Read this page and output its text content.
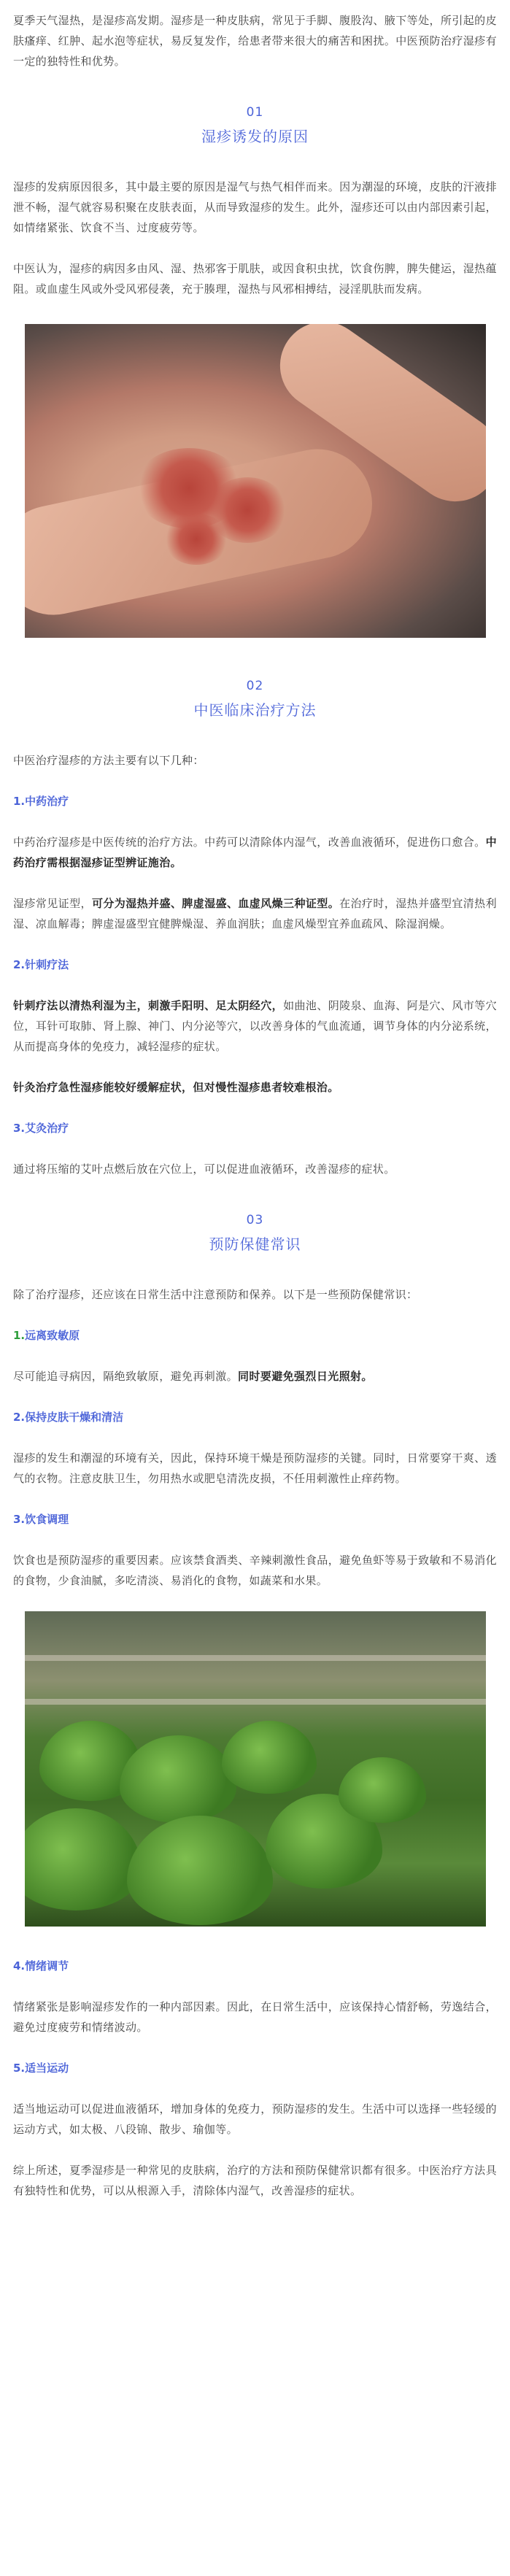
夏季天气湿热，是湿疹高发期。湿疹是一种皮肤病，常见于手脚、腹股沟、腋下等处，所引起的皮肤瘙痒、红肿、起水泡等症状，易反复发作，给患者带来很大的痛苦和困扰。中医预防治疗湿疹有一定的独特性和优势。

01
湿疹诱发的原因

湿疹的发病原因很多，其中最主要的原因是湿气与热气相伴而来。因为潮湿的环境，皮肤的汗液排泄不畅，湿气就容易积聚在皮肤表面，从而导致湿疹的发生。此外，湿疹还可以由内部因素引起，如情绪紧张、饮食不当、过度疲劳等。

中医认为，湿疹的病因多由风、湿、热邪客于肌肤，或因食积虫扰，饮食伤脾，脾失健运，湿热蕴阻。或血虚生风或外受风邪侵袭，充于腠理，湿热与风邪相搏结，浸淫肌肤而发病。

02
中医临床治疗方法

中医治疗湿疹的方法主要有以下几种：

1.中药治疗

中药治疗湿疹是中医传统的治疗方法。中药可以清除体内湿气，改善血液循环，促进伤口愈合。中药治疗需根据湿疹证型辨证施治。

湿疹常见证型，可分为湿热并盛、脾虚湿盛、血虚风燥三种证型。在治疗时，湿热并盛型宜清热利湿、凉血解毒；脾虚湿盛型宜健脾燥湿、养血润肤；血虚风燥型宜养血疏风、除湿润燥。

2.针刺疗法

针刺疗法以清热利湿为主，刺激手阳明、足太阴经穴，如曲池、阴陵泉、血海、阿是穴、风市等穴位，耳针可取肺、肾上腺、神门、内分泌等穴，以改善身体的气血流通，调节身体的内分泌系统，从而提高身体的免疫力，减轻湿疹的症状。

针灸治疗急性湿疹能较好缓解症状，但对慢性湿疹患者较难根治。

3.艾灸治疗

通过将压缩的艾叶点燃后放在穴位上，可以促进血液循环，改善湿疹的症状。

03
预防保健常识

除了治疗湿疹，还应该在日常生活中注意预防和保养。以下是一些预防保健常识：

1.远离致敏原

尽可能追寻病因，隔绝致敏原，避免再刺激。同时要避免强烈日光照射。

2.保持皮肤干燥和清洁

湿疹的发生和潮湿的环境有关，因此，保持环境干燥是预防湿疹的关键。同时，日常要穿干爽、透气的衣物。注意皮肤卫生，勿用热水或肥皂清洗皮损，不任用刺激性止痒药物。

3.饮食调理

饮食也是预防湿疹的重要因素。应该禁食酒类、辛辣刺激性食品，避免鱼虾等易于致敏和不易消化的食物，少食油腻，多吃清淡、易消化的食物，如蔬菜和水果。

4.情绪调节

情绪紧张是影响湿疹发作的一种内部因素。因此，在日常生活中，应该保持心情舒畅，劳逸结合，避免过度疲劳和情绪波动。

5.适当运动

适当地运动可以促进血液循环，增加身体的免疫力，预防湿疹的发生。生活中可以选择一些轻缓的运动方式，如太极、八段锦、散步、瑜伽等。

综上所述，夏季湿疹是一种常见的皮肤病，治疗的方法和预防保健常识都有很多。中医治疗方法具有独特性和优势，可以从根源入手，清除体内湿气，改善湿疹的症状。
